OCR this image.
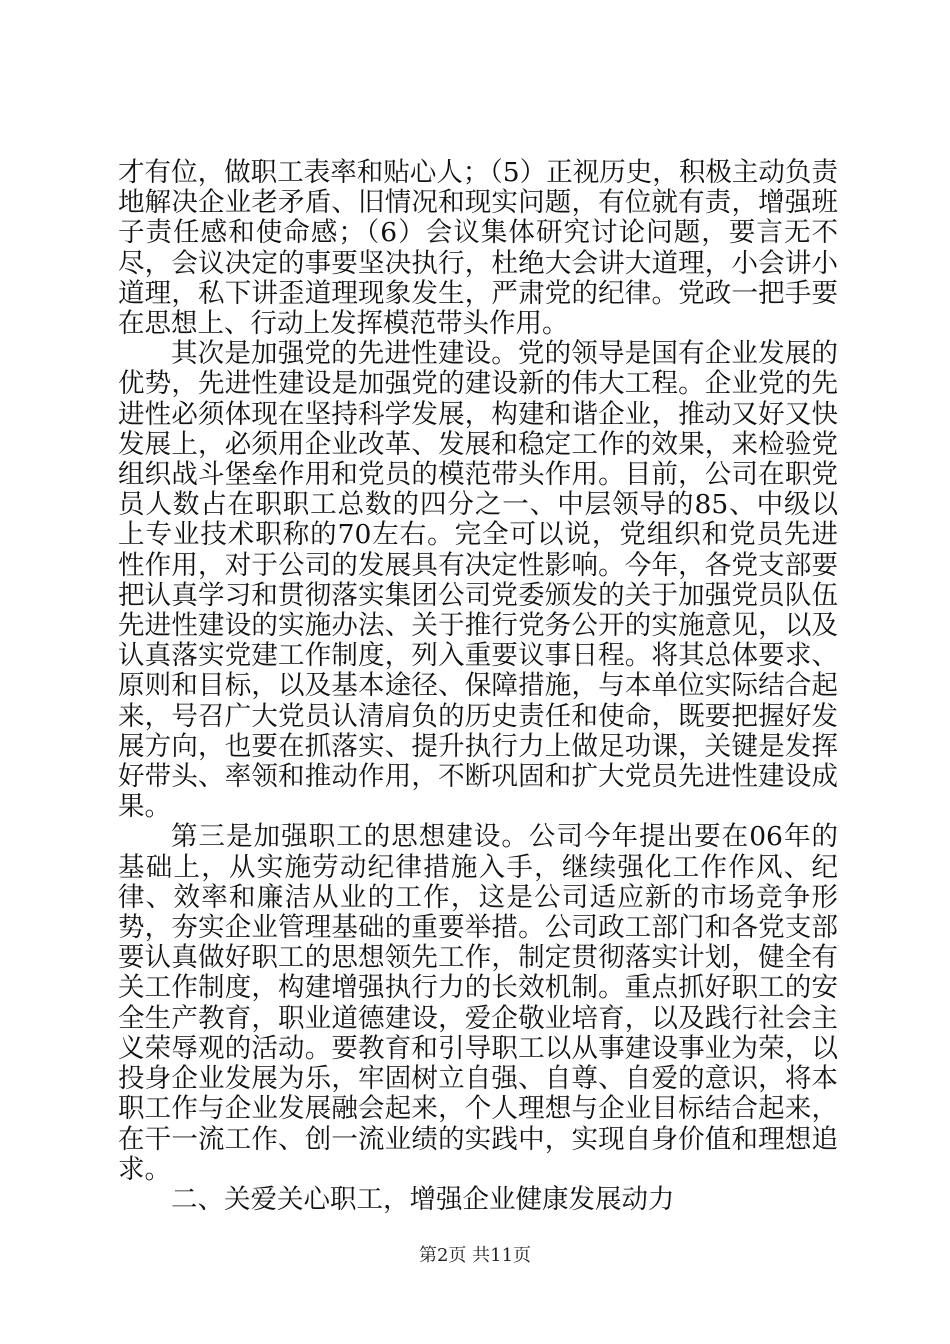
才有位，做职工表率和贴心人；（5）正视历史，积极主动负责地解决企业老矛盾、旧情况和现实问题，有位就有责，增强班子责任感和使命感；（6）会议集体研究讨论问题，要言无不尽，会议决定的事要坚决执行，杜绝大会讲大道理，小会讲小道理，私下讲歪道理现象发生，严肃党的纪律。党政一把手要在思想上、行动上发挥模范带头作用。

其次是加强党的先进性建设。党的领导是国有企业发展的优势，先进性建设是加强党的建设新的伟大工程。企业党的先进性必须体现在坚持科学发展，构建和谐企业，推动又好又快发展上，必须用企业改革、发展和稳定工作的效果，来检验党组织战斗堡垒作用和党员的模范带头作用。目前，公司在职党员人数占在职职工总数的四分之一、中层领导的85、中级以上专业技术职称的70左右。完全可以说，党组织和党员先进性作用，对于公司的发展具有决定性影响。今年，各党支部要把认真学习和贯彻落实集团公司党委颁发的关于加强党员队伍先进性建设的实施办法、关于推行党务公开的实施意见，以及认真落实党建工作制度，列入重要议事日程。将其总体要求、原则和目标，以及基本途径、保障措施，与本单位实际结合起来，号召广大党员认清肩负的历史责任和使命，既要把握好发展方向，也要在抓落实、提升执行力上做足功课，关键是发挥好带头、率领和推动作用，不断巩固和扩大党员先进性建设成果。

第三是加强职工的思想建设。公司今年提出要在06年的基础上，从实施劳动纪律措施入手，继续强化工作作风、纪律、效率和廉洁从业的工作，这是公司适应新的市场竞争形势，夯实企业管理基础的重要举措。公司政工部门和各党支部要认真做好职工的思想领先工作，制定贯彻落实计划，健全有关工作制度，构建增强执行力的长效机制。重点抓好职工的安全生产教育，职业道德建设，爱企敬业培育，以及践行社会主义荣辱观的活动。要教育和引导职工以从事建设事业为荣，以投身企业发展为乐，牢固树立自强、自尊、自爱的意识，将本职工作与企业发展融会起来，个人理想与企业目标结合起来，在干一流工作、创一流业绩的实践中，实现自身价值和理想追求。

二、关爱关心职工，增强企业健康发展动力

第2页 共11页
